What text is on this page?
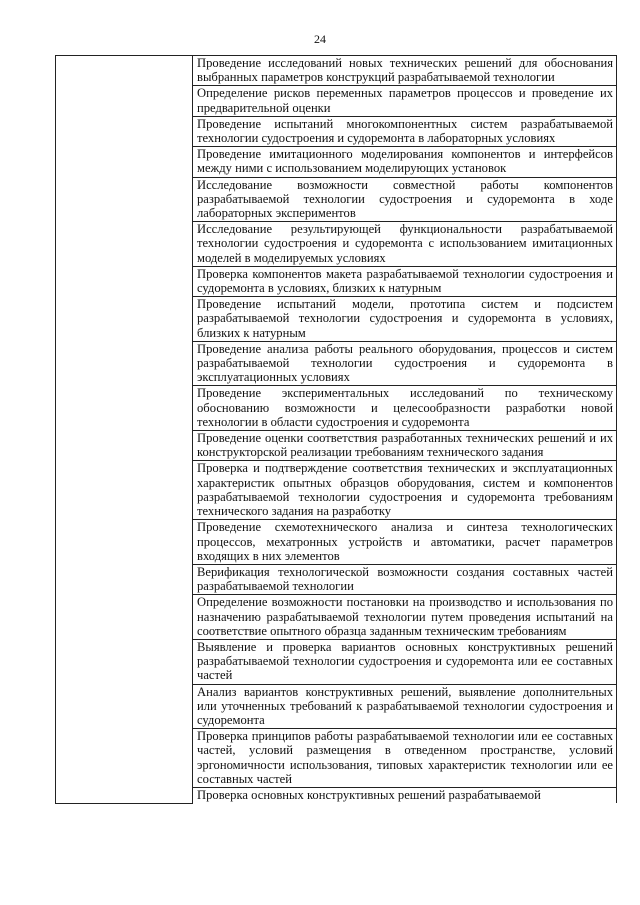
24
	Проведение исследований новых технических решений для обоснования выбранных параметров конструкций разрабатываемой технологии
Определение рисков переменных параметров процессов и проведение их предварительной оценки
Проведение испытаний многокомпонентных систем разрабатываемой технологии судостроения и судоремонта в лабораторных условиях
Проведение имитационного моделирования компонентов и интерфейсов между ними с использованием моделирующих установок
Исследование возможности совместной работы компонентов разрабатываемой технологии судостроения и судоремонта в ходе лабораторных экспериментов
Исследование результирующей функциональности разрабатываемой технологии судостроения и судоремонта с использованием имитационных моделей в моделируемых условиях
Проверка компонентов макета разрабатываемой технологии судостроения и судоремонта в условиях, близких к натурным
Проведение испытаний модели, прототипа систем и подсистем разрабатываемой технологии судостроения и судоремонта в условиях, близких к натурным
Проведение анализа работы реального оборудования, процессов и систем разрабатываемой технологии судостроения и судоремонта в эксплуатационных условиях
Проведение экспериментальных исследований по техническому обоснованию возможности и целесообразности разработки новой технологии в области судостроения и судоремонта
Проведение оценки соответствия разработанных технических решений и их конструкторской реализации требованиям технического задания
Проверка и подтверждение соответствия технических и эксплуатационных характеристик опытных образцов оборудования, систем и компонентов разрабатываемой технологии судостроения и судоремонта требованиям технического задания на разработку
Проведение схемотехнического анализа и синтеза технологических процессов, мехатронных устройств и автоматики, расчет параметров входящих в них элементов
Верификация технологической возможности создания составных частей разрабатываемой технологии
Определение возможности постановки на производство и использования по назначению разрабатываемой технологии путем проведения испытаний на соответствие опытного образца заданным техническим требованиям
Выявление и проверка вариантов основных конструктивных решений разрабатываемой технологии судостроения и судоремонта или ее составных частей
Анализ вариантов конструктивных решений, выявление дополнительных или уточненных требований к разрабатываемой технологии судостроения и судоремонта
Проверка принципов работы разрабатываемой технологии или ее составных частей, условий размещения в отведенном пространстве, условий эргономичности использования, типовых характеристик технологии или ее составных частей
Проверка основных конструктивных решений разрабатываемой
